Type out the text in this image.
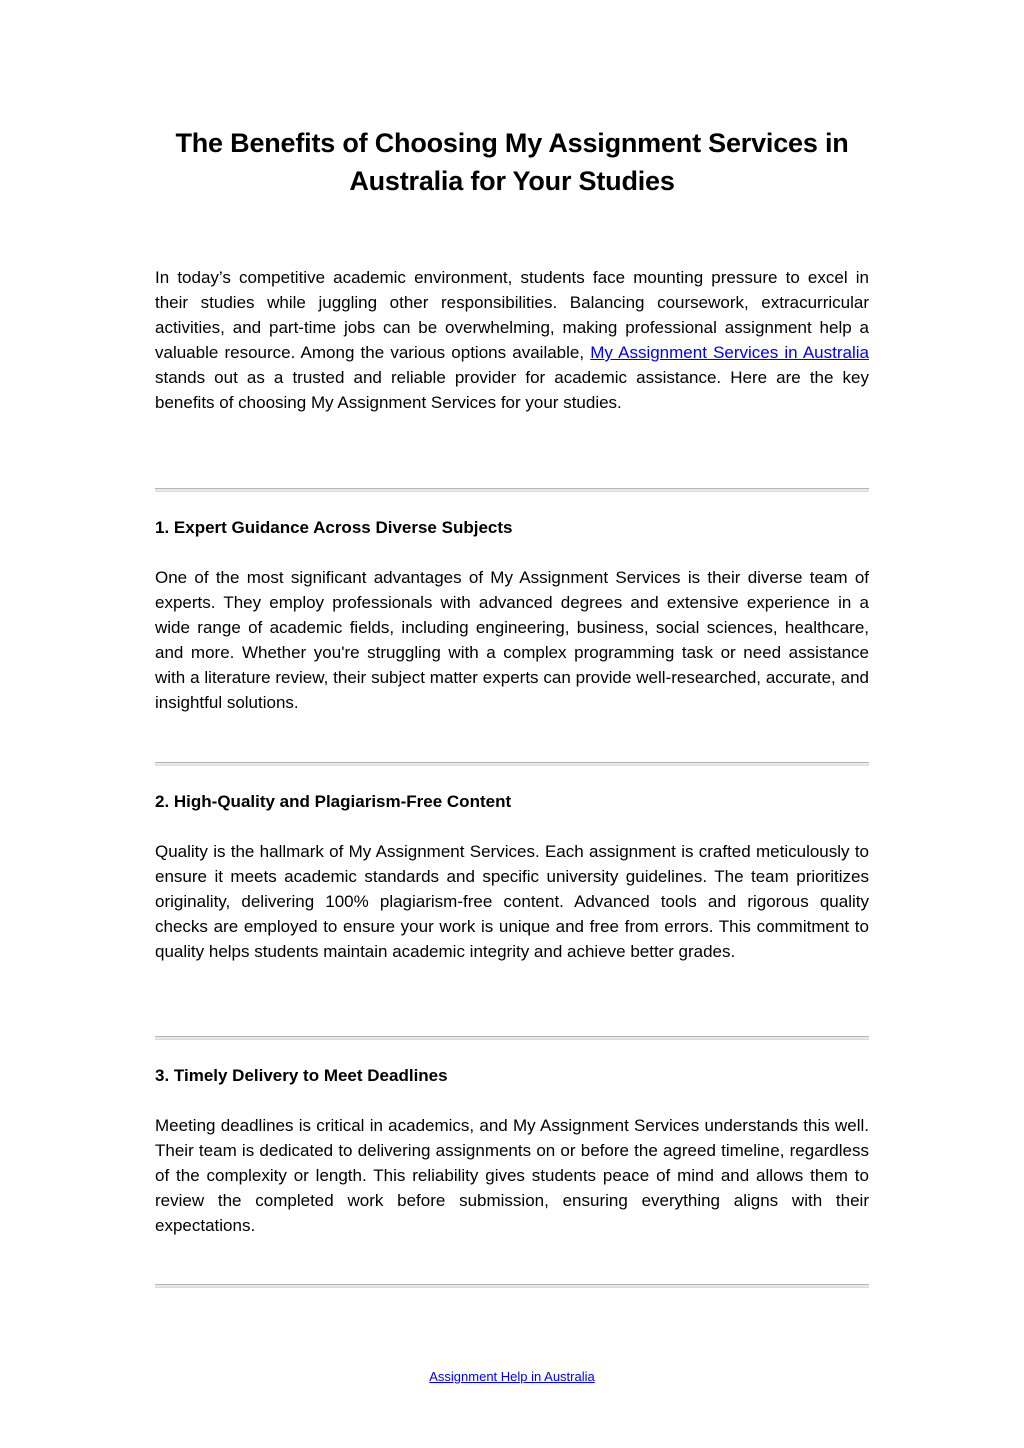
The Benefits of Choosing My Assignment Services in Australia for Your Studies

In today’s competitive academic environment, students face mounting pressure to excel in their studies while juggling other responsibilities. Balancing coursework, extracurricular activities, and part-time jobs can be overwhelming, making professional assignment help a valuable resource. Among the various options available, My Assignment Services in Australia stands out as a trusted and reliable provider for academic assistance. Here are the key benefits of choosing My Assignment Services for your studies.

1. Expert Guidance Across Diverse Subjects

One of the most significant advantages of My Assignment Services is their diverse team of experts. They employ professionals with advanced degrees and extensive experience in a wide range of academic fields, including engineering, business, social sciences, healthcare, and more. Whether you're struggling with a complex programming task or need assistance with a literature review, their subject matter experts can provide well-researched, accurate, and insightful solutions.

2. High-Quality and Plagiarism-Free Content

Quality is the hallmark of My Assignment Services. Each assignment is crafted meticulously to ensure it meets academic standards and specific university guidelines. The team prioritizes originality, delivering 100% plagiarism-free content. Advanced tools and rigorous quality checks are employed to ensure your work is unique and free from errors. This commitment to quality helps students maintain academic integrity and achieve better grades.

3. Timely Delivery to Meet Deadlines

Meeting deadlines is critical in academics, and My Assignment Services understands this well. Their team is dedicated to delivering assignments on or before the agreed timeline, regardless of the complexity or length. This reliability gives students peace of mind and allows them to review the completed work before submission, ensuring everything aligns with their expectations.

Assignment Help in Australia
